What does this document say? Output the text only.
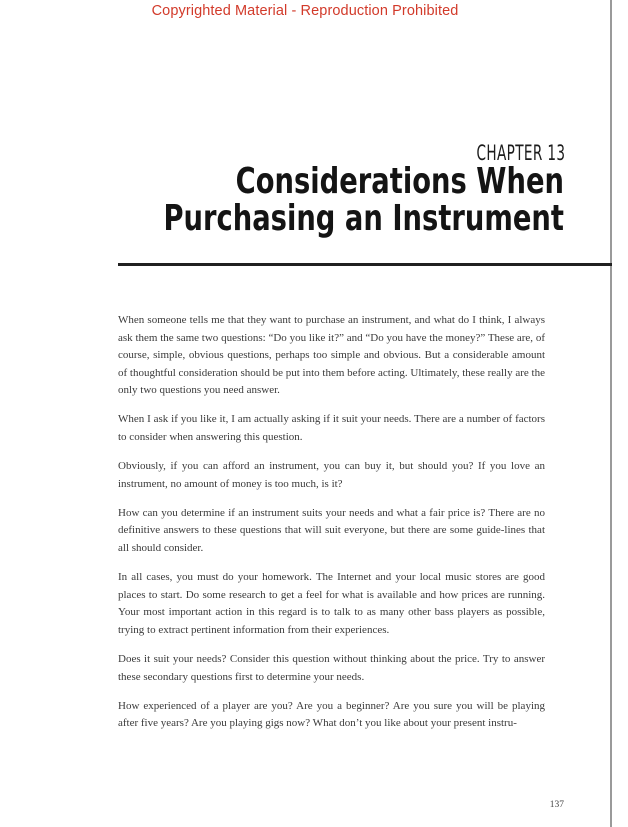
Copyrighted Material - Reproduction Prohibited
CHAPTER 13
Considerations When
Purchasing an Instrument

When someone tells me that they want to purchase an instrument, and what do I think, I always ask them the same two questions: “Do you like it?” and “Do you have the money?” These are, of course, simple, obvious questions, perhaps too simple and obvious. But a considerable amount of thoughtful consideration should be put into them before acting. Ultimately, these really are the only two questions you need answer.

When I ask if you like it, I am actually asking if it suit your needs. There are a number of factors to consider when answering this question.

Obviously, if you can afford an instrument, you can buy it, but should you? If you love an instrument, no amount of money is too much, is it?

How can you determine if an instrument suits your needs and what a fair price is? There are no definitive answers to these questions that will suit everyone, but there are some guide-lines that all should consider.

In all cases, you must do your homework. The Internet and your local music stores are good places to start. Do some research to get a feel for what is available and how prices are running. Your most important action in this regard is to talk to as many other bass players as possible, trying to extract pertinent information from their experiences.

Does it suit your needs? Consider this question without thinking about the price. Try to answer these secondary questions first to determine your needs.

How experienced of a player are you? Are you a beginner? Are you sure you will be playing after five years? Are you playing gigs now? What don’t you like about your present instru-

137
